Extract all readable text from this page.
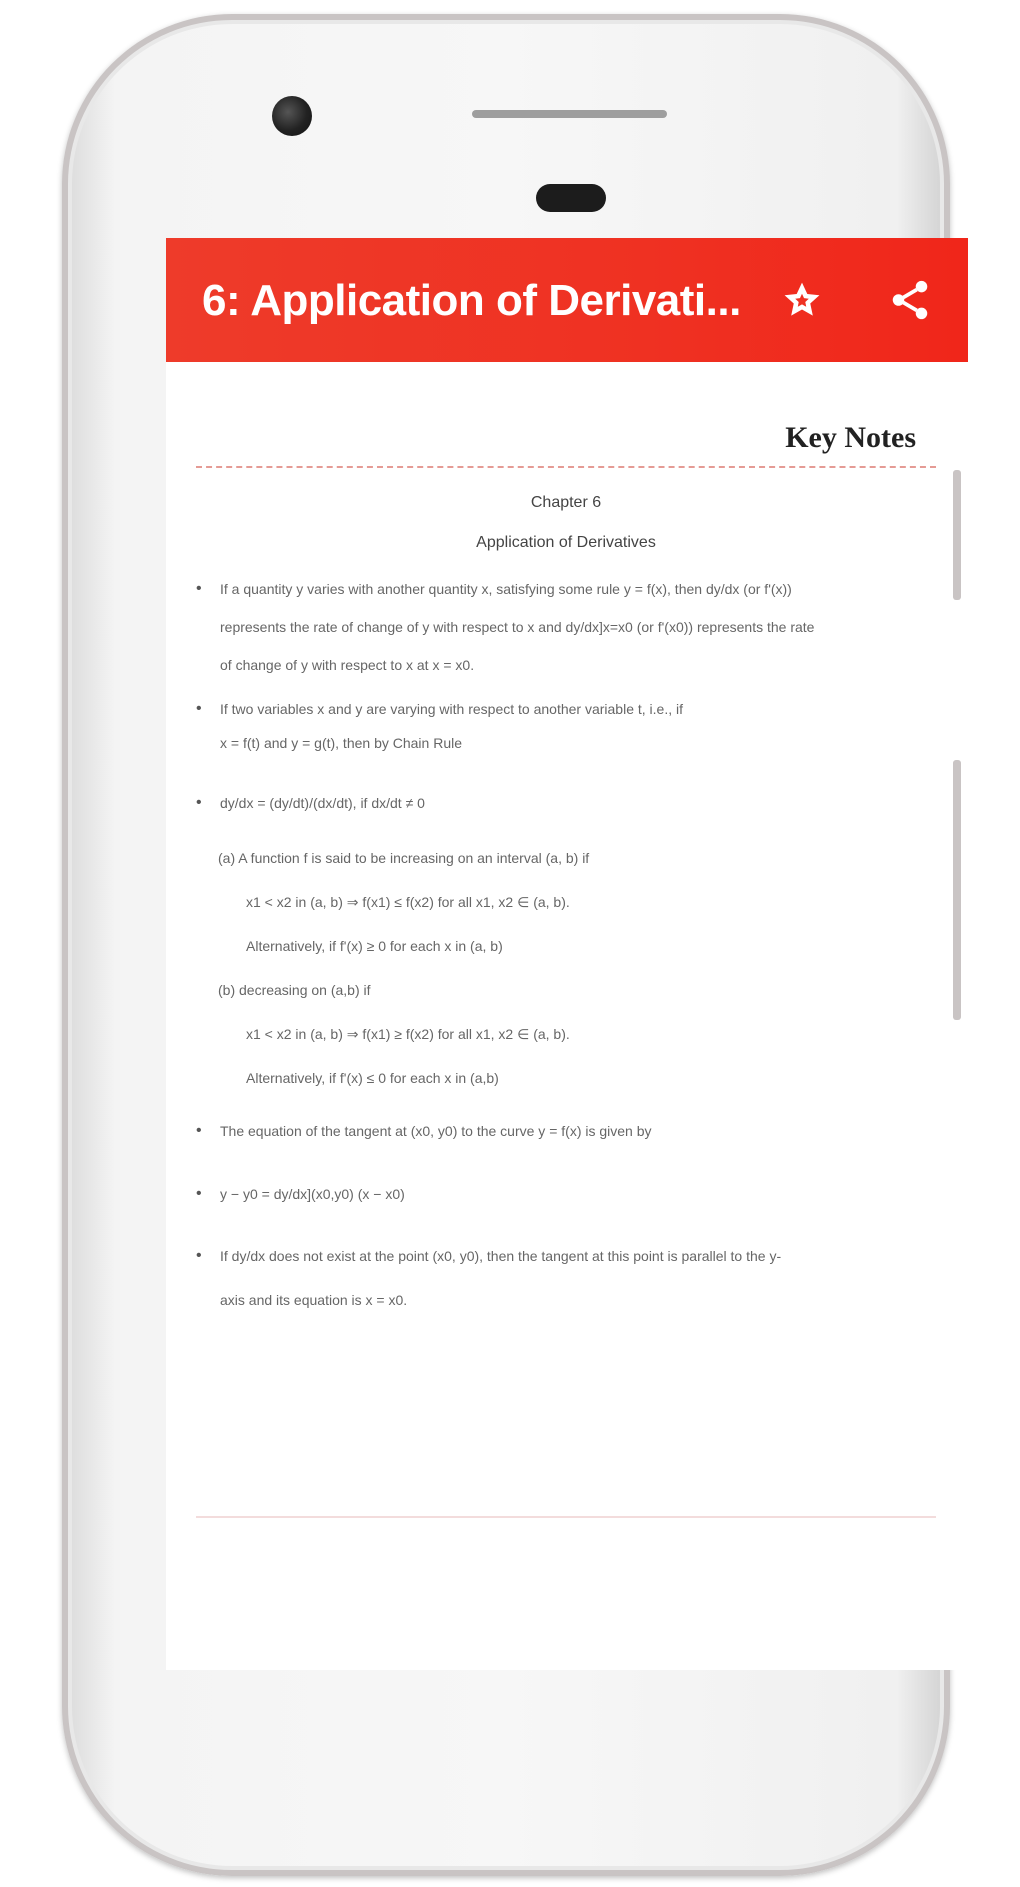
6: Application of Derivati...
Key Notes
Chapter 6
Application of Derivatives
• If a quantity y varies with another quantity x, satisfying some rule y = f(x), then dy/dx (or f'(x))
represents the rate of change of y with respect to x and dy/dx]x=x0 (or f'(x0)) represents the rate
of change of y with respect to x at x = x0.
• If two variables x and y are varying with respect to another variable t, i.e., if
x = f(t) and y = g(t), then by Chain Rule
• dy/dx = (dy/dt)/(dx/dt), if dx/dt ≠ 0
(a) A function f is said to be increasing on an interval (a, b) if
x1 < x2 in (a, b) ⇒ f(x1) ≤ f(x2) for all x1, x2 ∈ (a, b).
Alternatively, if f'(x) ≥ 0 for each x in (a, b)
(b) decreasing on (a,b) if
x1 < x2 in (a, b) ⇒ f(x1) ≥ f(x2) for all x1, x2 ∈ (a, b).
Alternatively, if f'(x) ≤ 0 for each x in (a,b)
• The equation of the tangent at (x0, y0) to the curve y = f(x) is given by
• y − y0 = dy/dx](x0,y0) (x − x0)
• If dy/dx does not exist at the point (x0, y0), then the tangent at this point is parallel to the y-
axis and its equation is x = x0.
